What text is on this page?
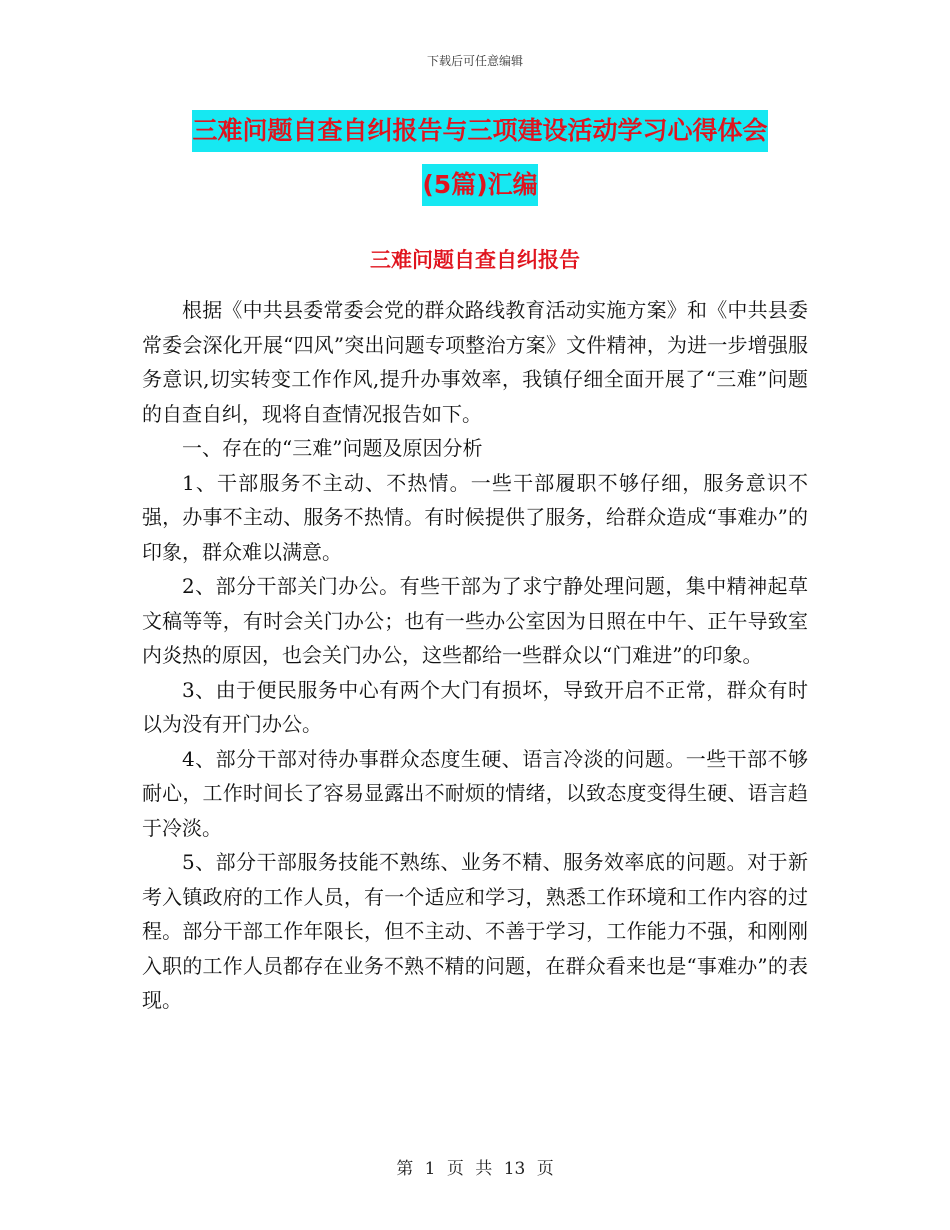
下载后可任意编辑
三难问题自查自纠报告与三项建设活动学习心得体会
(5篇)汇编
三难问题自查自纠报告

根据《中共县委常委会党的群众路线教育活动实施方案》和《中共县委常委会深化开展“四风”突出问题专项整治方案》文件精神，为进一步增强服务意识,切实转变工作作风,提升办事效率，我镇仔细全面开展了“三难”问题的自查自纠，现将自查情况报告如下。

一、存在的“三难”问题及原因分析

1、干部服务不主动、不热情。一些干部履职不够仔细，服务意识不强，办事不主动、服务不热情。有时候提供了服务，给群众造成“事难办”的印象，群众难以满意。

2、部分干部关门办公。有些干部为了求宁静处理问题，集中精神起草文稿等等，有时会关门办公；也有一些办公室因为日照在中午、正午导致室内炎热的原因，也会关门办公，这些都给一些群众以“门难进”的印象。

3、由于便民服务中心有两个大门有损坏，导致开启不正常，群众有时以为没有开门办公。

4、部分干部对待办事群众态度生硬、语言冷淡的问题。一些干部不够耐心，工作时间长了容易显露出不耐烦的情绪，以致态度变得生硬、语言趋于冷淡。

5、部分干部服务技能不熟练、业务不精、服务效率底的问题。对于新考入镇政府的工作人员，有一个适应和学习，熟悉工作环境和工作内容的过程。部分干部工作年限长，但不主动、不善于学习，工作能力不强，和刚刚入职的工作人员都存在业务不熟不精的问题，在群众看来也是“事难办”的表现。

第 1 页 共 13 页
